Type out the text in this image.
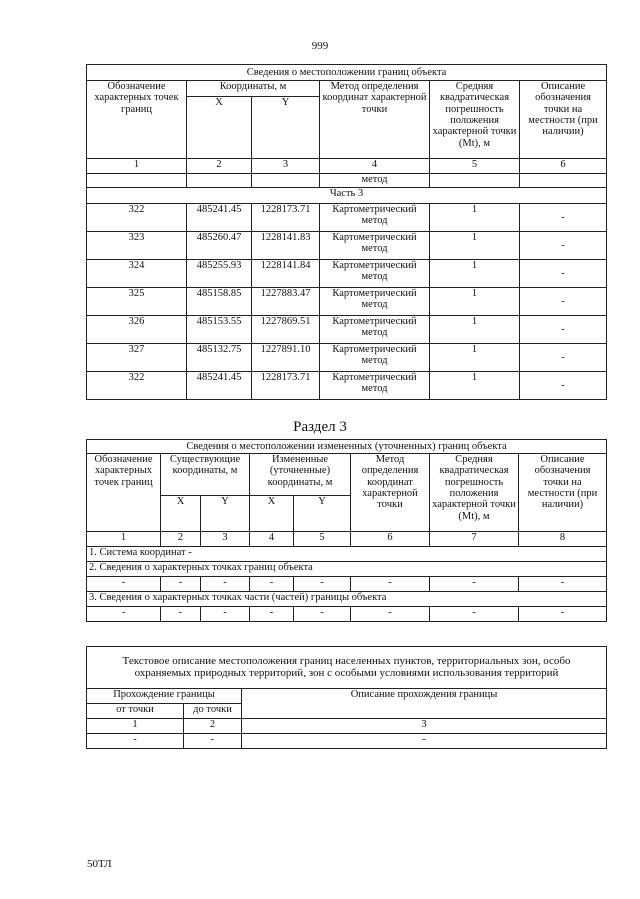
999
Сведения о местоположении границ объекта					
Обозначение характерных точек границ	Координаты, м		Метод определения координат характерной точки	Средняя квадратическая погрешность положения характерной точки (Mt), м	Описание обозначения точки на местности (при наличии)
	X	Y			
1	2	3	4	5	6
			метод		
Часть 3					
322	485241.45	1228173.71	Картометрический метод	1	-
323	485260.47	1228141.83	Картометрический метод	1	-
324	485255.93	1228141.84	Картометрический метод	1	-
325	485158.85	1227883.47	Картометрический метод	1	-
326	485153.55	1227869.51	Картометрический метод	1	-
327	485132.75	1227891.10	Картометрический метод	1	-
322	485241.45	1228173.71	Картометрический метод	1	-
Раздел 3
Сведения о местоположении измененных (уточненных) границ объекта							
Обозначение характерных точек границ	Существующие координаты, м		Измененные (уточненные) координаты, м		Метод определения координат характерной точки	Средняя квадратическая погрешность положения характерной точки (Mt), м	Описание обозначения точки на местности (при наличии)
	X	Y	X	Y			
1	2	3	4	5	6	7	8
1. Система координат -							
2. Сведения о характерных точках границ объекта							
-	-	-	-	-	-	-	-
3. Сведения о характерных точках части (частей) границы объекта							
-	-	-	-	-	-	-	-
Текстовое описание местоположения границ населенных пунктов, территориальных зон, особо охраняемых природных территорий, зон с особыми условиями использования территорий		
Прохождение границы		Описание прохождения границы
от точки	до точки	
1	2	3
-	-	-
50ТЛ
